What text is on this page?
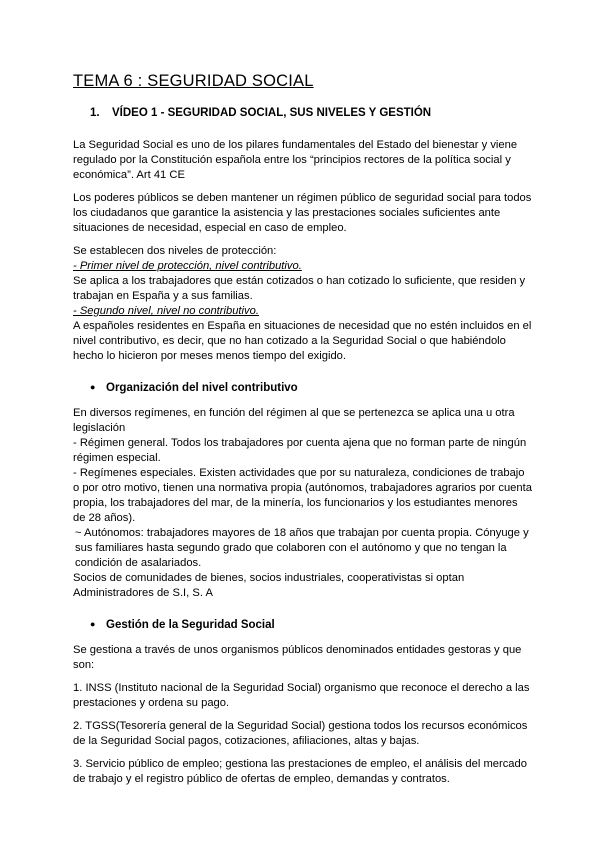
TEMA 6 : SEGURIDAD SOCIAL
1. VÍDEO 1 - SEGURIDAD SOCIAL, SUS NIVELES Y GESTIÓN

La Seguridad Social es uno de los pilares fundamentales del Estado del bienestar y viene regulado por la Constitución española entre los “principios rectores de la política social y económica”. Art 41 CE

Los poderes públicos se deben mantener un régimen público de seguridad social para todos los ciudadanos que garantice la asistencia y las prestaciones sociales suficientes ante situaciones de necesidad, especial en caso de empleo.

Se establecen dos niveles de protección:

- Primer nivel de protección, nivel contributivo.

Se aplica a los trabajadores que están cotizados o han cotizado lo suficiente, que residen y trabajan en España y a sus familias.

- Segundo nivel, nivel no contributivo.

A españoles residentes en España en situaciones de necesidad que no estén incluidos en el nivel contributivo, es decir, que no han cotizado a la Seguridad Social o que habiéndolo hecho lo hicieron por meses menos tiempo del exigido.

● Organización del nivel contributivo

En diversos regímenes, en función del régimen al que se pertenezca se aplica una u otra legislación

- Régimen general. Todos los trabajadores por cuenta ajena que no forman parte de ningún régimen especial.

- Regímenes especiales. Existen actividades que por su naturaleza, condiciones de trabajo o por otro motivo, tienen una normativa propia (autónomos, trabajadores agrarios por cuenta propia, los trabajadores del mar, de la minería, los funcionarios y los estudiantes menores de 28 años).

~ Autónomos: trabajadores mayores de 18 años que trabajan por cuenta propia. Cónyuge y sus familiares hasta segundo grado que colaboren con el autónomo y que no tengan la condición de asalariados.

Socios de comunidades de bienes, socios industriales, cooperativistas si optan Administradores de S.I, S. A

● Gestión de la Seguridad Social

Se gestiona a través de unos organismos públicos denominados entidades gestoras y que son:

1. INSS (Instituto nacional de la Seguridad Social) organismo que reconoce el derecho a las prestaciones y ordena su pago.

2. TGSS(Tesorería general de la Seguridad Social) gestiona todos los recursos económicos de la Seguridad Social pagos, cotizaciones, afiliaciones, altas y bajas.

3. Servicio público de empleo; gestiona las prestaciones de empleo, el análisis del mercado de trabajo y el registro público de ofertas de empleo, demandas y contratos.
